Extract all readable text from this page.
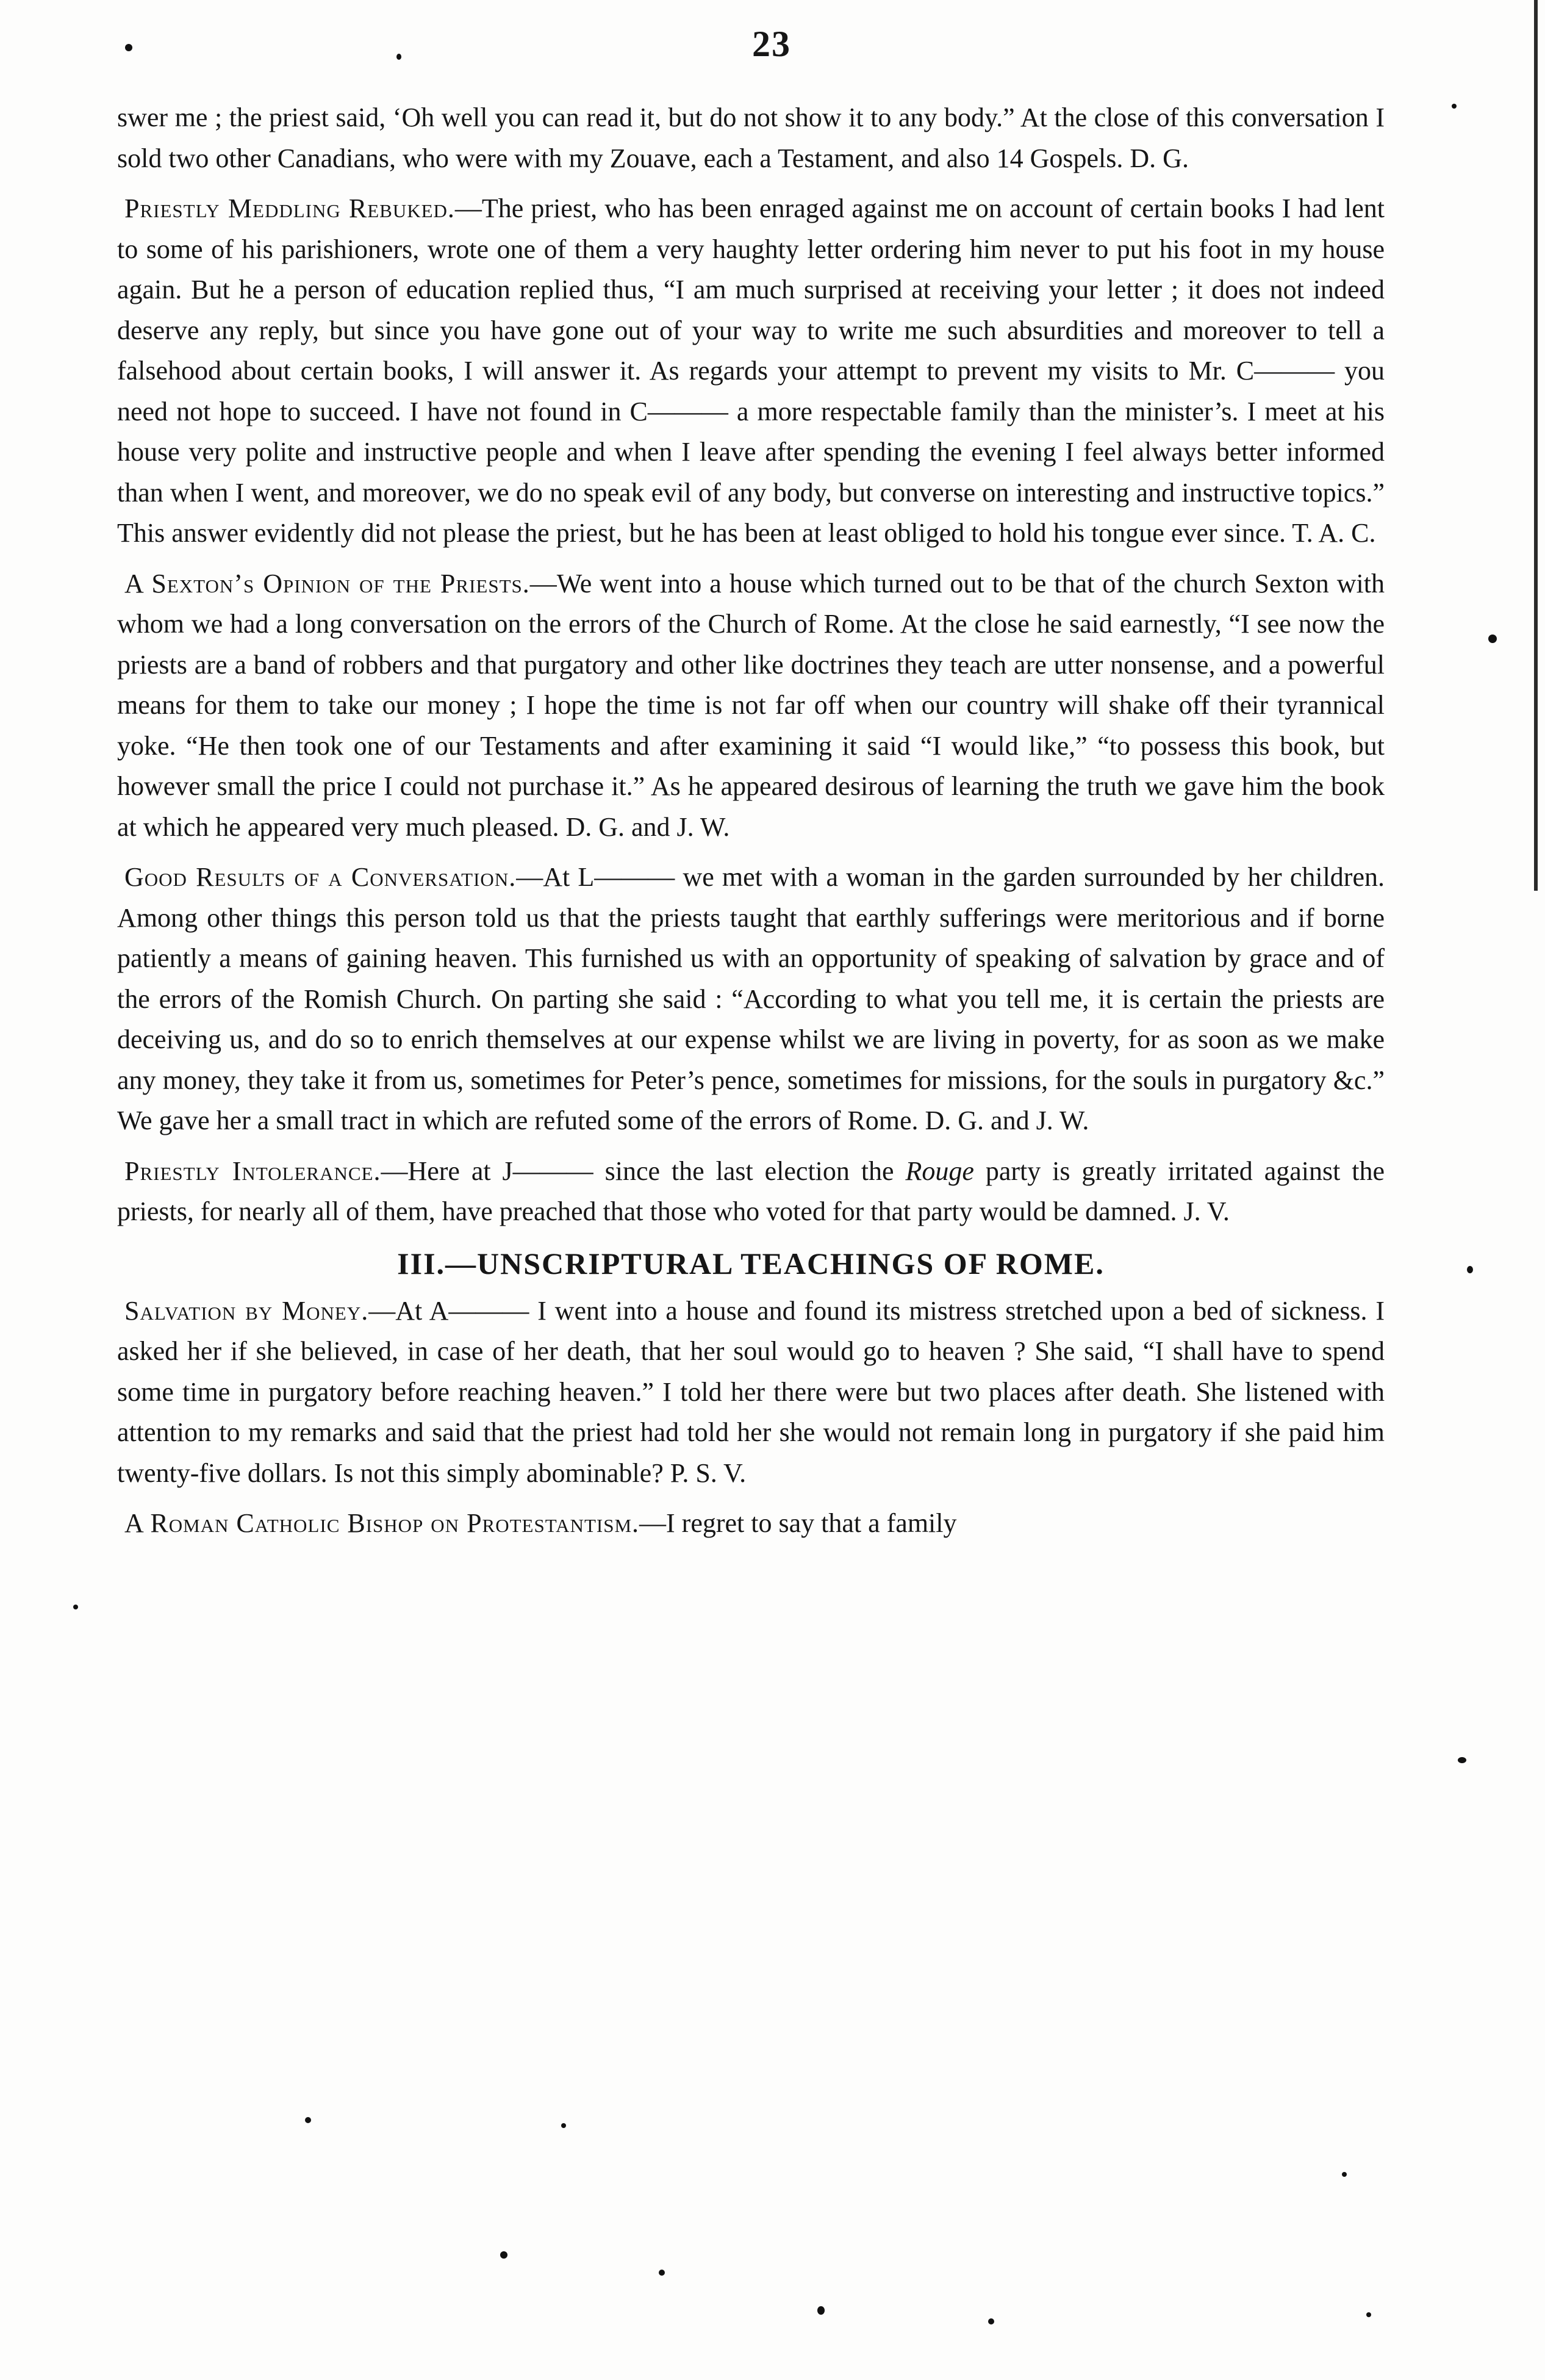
23

swer me ; the priest said, ‘Oh well you can read it, but do not show it to any body.” At the close of this conversation I sold two other Canadians, who were with my Zouave, each a Testament, and also 14 Gospels. D. G.

Priestly Meddling Rebuked.—The priest, who has been enraged against me on account of certain books I had lent to some of his parishioners, wrote one of them a very haughty letter ordering him never to put his foot in my house again. But he a person of education replied thus, “I am much surprised at receiving your letter ; it does not indeed deserve any reply, but since you have gone out of your way to write me such absurdities and moreover to tell a falsehood about certain books, I will answer it. As regards your attempt to prevent my visits to Mr. C——— you need not hope to succeed. I have not found in C——— a more respectable family than the minister’s. I meet at his house very polite and instructive people and when I leave after spending the evening I feel always better informed than when I went, and moreover, we do no speak evil of any body, but converse on interesting and instructive topics.” This answer evidently did not please the priest, but he has been at least obliged to hold his tongue ever since. T. A. C.

A Sexton’s Opinion of the Priests.—We went into a house which turned out to be that of the church Sexton with whom we had a long conversation on the errors of the Church of Rome. At the close he said earnestly, “I see now the priests are a band of robbers and that purgatory and other like doctrines they teach are utter nonsense, and a powerful means for them to take our money ; I hope the time is not far off when our country will shake off their tyrannical yoke. “He then took one of our Testaments and after examining it said “I would like,” “to possess this book, but however small the price I could not purchase it.” As he appeared desirous of learning the truth we gave him the book at which he appeared very much pleased. D. G. and J. W.

Good Results of a Conversation.—At L——— we met with a woman in the garden surrounded by her children. Among other things this person told us that the priests taught that earthly sufferings were meritorious and if borne patiently a means of gaining heaven. This furnished us with an opportunity of speaking of salvation by grace and of the errors of the Romish Church. On parting she said : “According to what you tell me, it is certain the priests are deceiving us, and do so to enrich themselves at our expense whilst we are living in poverty, for as soon as we make any money, they take it from us, sometimes for Peter’s pence, sometimes for missions, for the souls in purgatory &c.” We gave her a small tract in which are refuted some of the errors of Rome. D. G. and J. W.

Priestly Intolerance.—Here at J——— since the last election the Rouge party is greatly irritated against the priests, for nearly all of them, have preached that those who voted for that party would be damned. J. V.

III.—UNSCRIPTURAL TEACHINGS OF ROME.

Salvation by Money.—At A——— I went into a house and found its mistress stretched upon a bed of sickness. I asked her if she believed, in case of her death, that her soul would go to heaven ? She said, “I shall have to spend some time in purgatory before reaching heaven.” I told her there were but two places after death. She listened with attention to my remarks and said that the priest had told her she would not remain long in purgatory if she paid him twenty-five dollars. Is not this simply abominable? P. S. V.

A Roman Catholic Bishop on Protestantism.—I regret to say that a family
